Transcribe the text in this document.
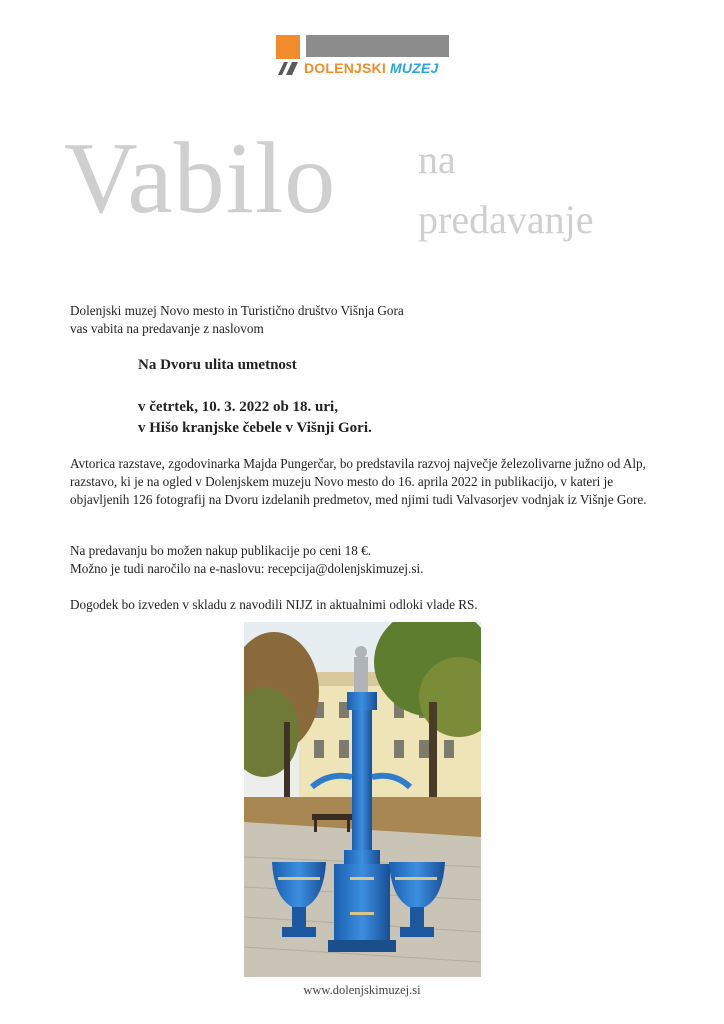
DOLENJSKI MUZEJ
Vabilo na
predavanje

Dolenjski muzej Novo mesto in Turistično društvo Višnja Gora
vas vabita na predavanje z naslovom

Na Dvoru ulita umetnost

v četrtek, 10. 3. 2022 ob 18. uri,
v Hišo kranjske čebele v Višnji Gori.

Avtorica razstave, zgodovinarka Majda Pungerčar, bo predstavila razvoj največje železolivarne južno od Alp, razstavo, ki je na ogled v Dolenjskem muzeju Novo mesto do 16. aprila 2022 in publikacijo, v kateri je objavljenih 126 fotografij na Dvoru izdelanih predmetov, med njimi tudi Valvasorjev vodnjak iz Višnje Gore.

Na predavanju bo možen nakup publikacije po ceni 18 €.
Možno je tudi naročilo na e-naslovu: recepcija@dolenjskimuzej.si.

Dogodek bo izveden v skladu z navodili NIJZ in aktualnimi odloki vlade RS.

www.dolenjskimuzej.si
